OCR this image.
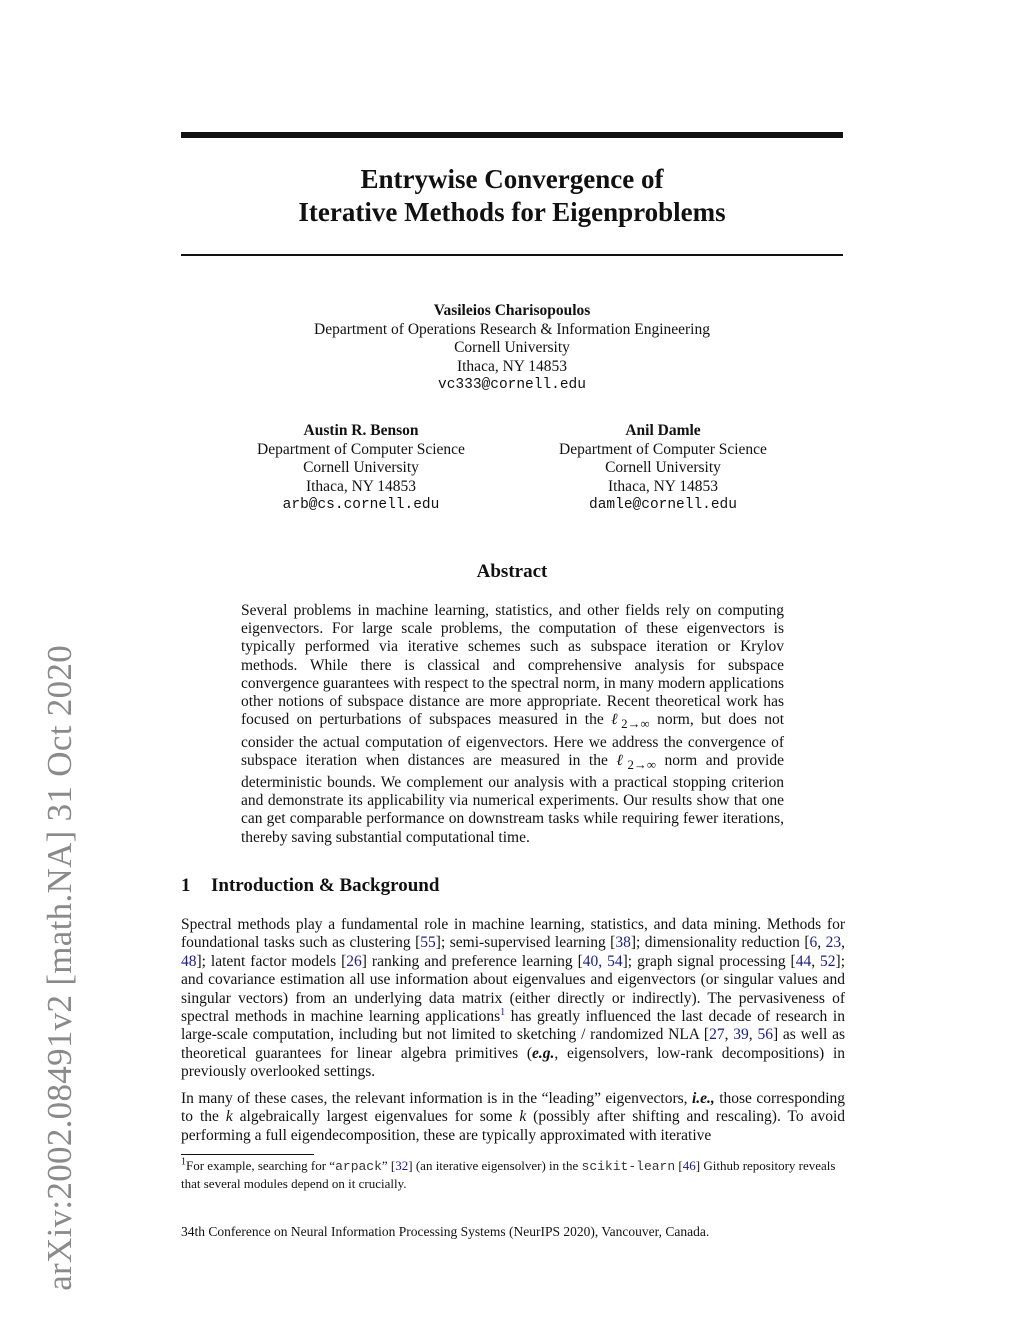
arXiv:2002.08491v2 [math.NA] 31 Oct 2020
Entrywise Convergence of
Iterative Methods for Eigenproblems
Vasileios Charisopoulos
Department of Operations Research & Information Engineering
Cornell University
Ithaca, NY 14853
vc333@cornell.edu
Austin R. Benson
Department of Computer Science
Cornell University
Ithaca, NY 14853
arb@cs.cornell.edu
Anil Damle
Department of Computer Science
Cornell University
Ithaca, NY 14853
damle@cornell.edu
Abstract
Several problems in machine learning, statistics, and other fields rely on computing eigenvectors. For large scale problems, the computation of these eigenvectors is typically performed via iterative schemes such as subspace iteration or Krylov methods. While there is classical and comprehensive analysis for subspace convergence guarantees with respect to the spectral norm, in many modern applications other notions of subspace distance are more appropriate. Recent theoretical work has focused on perturbations of subspaces measured in the ℓ$_{2\to\infty}$ norm, but does not consider the actual computation of eigenvectors. Here we address the convergence of subspace iteration when distances are measured in the ℓ$_{2\to\infty}$ norm and provide deterministic bounds. We complement our analysis with a practical stopping criterion and demonstrate its applicability via numerical experiments. Our results show that one can get comparable performance on downstream tasks while requiring fewer iterations, thereby saving substantial computational time.
1 Introduction & Background
Spectral methods play a fundamental role in machine learning, statistics, and data mining. Methods for foundational tasks such as clustering [55]; semi-supervised learning [38]; dimensionality reduction [6, 23, 48]; latent factor models [26] ranking and preference learning [40, 54]; graph signal processing [44, 52]; and covariance estimation all use information about eigenvalues and eigenvectors (or singular values and singular vectors) from an underlying data matrix (either directly or indirectly). The pervasiveness of spectral methods in machine learning applications$^1$ has greatly influenced the last decade of research in large-scale computation, including but not limited to sketching / randomized NLA [27, 39, 56] as well as theoretical guarantees for linear algebra primitives (e.g., eigensolvers, low-rank decompositions) in previously overlooked settings.
In many of these cases, the relevant information is in the “leading” eigenvectors, i.e., those corresponding to the k algebraically largest eigenvalues for some k (possibly after shifting and rescaling). To avoid performing a full eigendecomposition, these are typically approximated with iterative
$^1$For example, searching for “arpack” [32] (an iterative eigensolver) in the scikit-learn [46] Github repository reveals that several modules depend on it crucially.
34th Conference on Neural Information Processing Systems (NeurIPS 2020), Vancouver, Canada.
